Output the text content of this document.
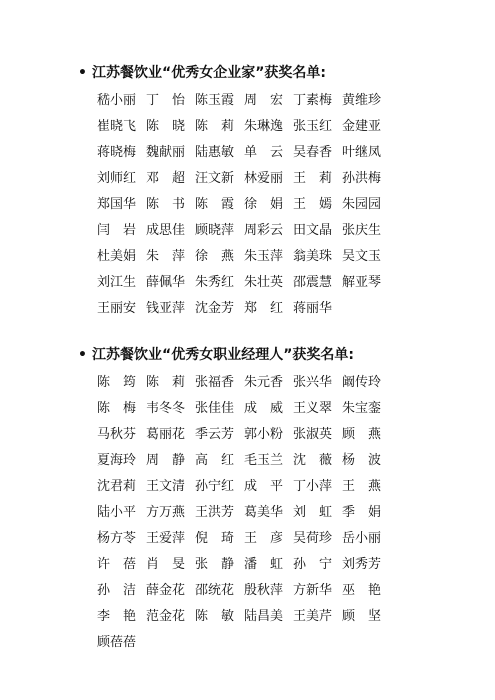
• 江苏餐饮业“优秀女企业家”获奖名单:
嵇小丽 丁　怡 陈玉霞 周　宏 丁素梅 黄维珍
崔晓飞 陈　晓 陈　莉 朱琳逸 张玉红 金建亚
蒋晓梅 魏献丽 陆惠敏 单　云 吴春香 叶继凤
刘师红 邓　超 汪文新 林爱丽 王　莉 孙洪梅
郑国华 陈　书 陈　霞 徐　娟 王　嫣 朱园园
闫　岩 成思佳 顾晓萍 周彩云 田文晶 张庆生
杜美娟 朱　萍 徐　燕 朱玉萍 翁美珠 吴文玉
刘江生 薛佩华 朱秀红 朱壮英 邵震慧 解亚琴
王丽安 钱亚萍 沈金芳 郑　红 蒋丽华
• 江苏餐饮业“优秀女职业经理人”获奖名单:
陈　筠 陈　莉 张福香 朱元香 张兴华 阚传玲
陈　梅 韦冬冬 张佳佳 成　威 王义翠 朱宝銮
马秋芬 葛丽花 季云芳 郭小粉 张淑英 顾　燕
夏海玲 周　静 高　红 毛玉兰 沈　薇 杨　波
沈君莉 王文清 孙宁红 成　平 丁小萍 王　燕
陆小平 方万燕 王洪芳 葛美华 刘　虹 季　娟
杨方苓 王爱萍 倪　琦 王　彦 吴荷珍 岳小丽
许　蓓 肖　旻 张　静 潘　虹 孙　宁 刘秀芳
孙　洁 薛金花 邵统花 殷秋萍 方新华 巫　艳
李　艳 范金花 陈　敏 陆昌美 王美芹 顾　坚
顾蓓蓓
